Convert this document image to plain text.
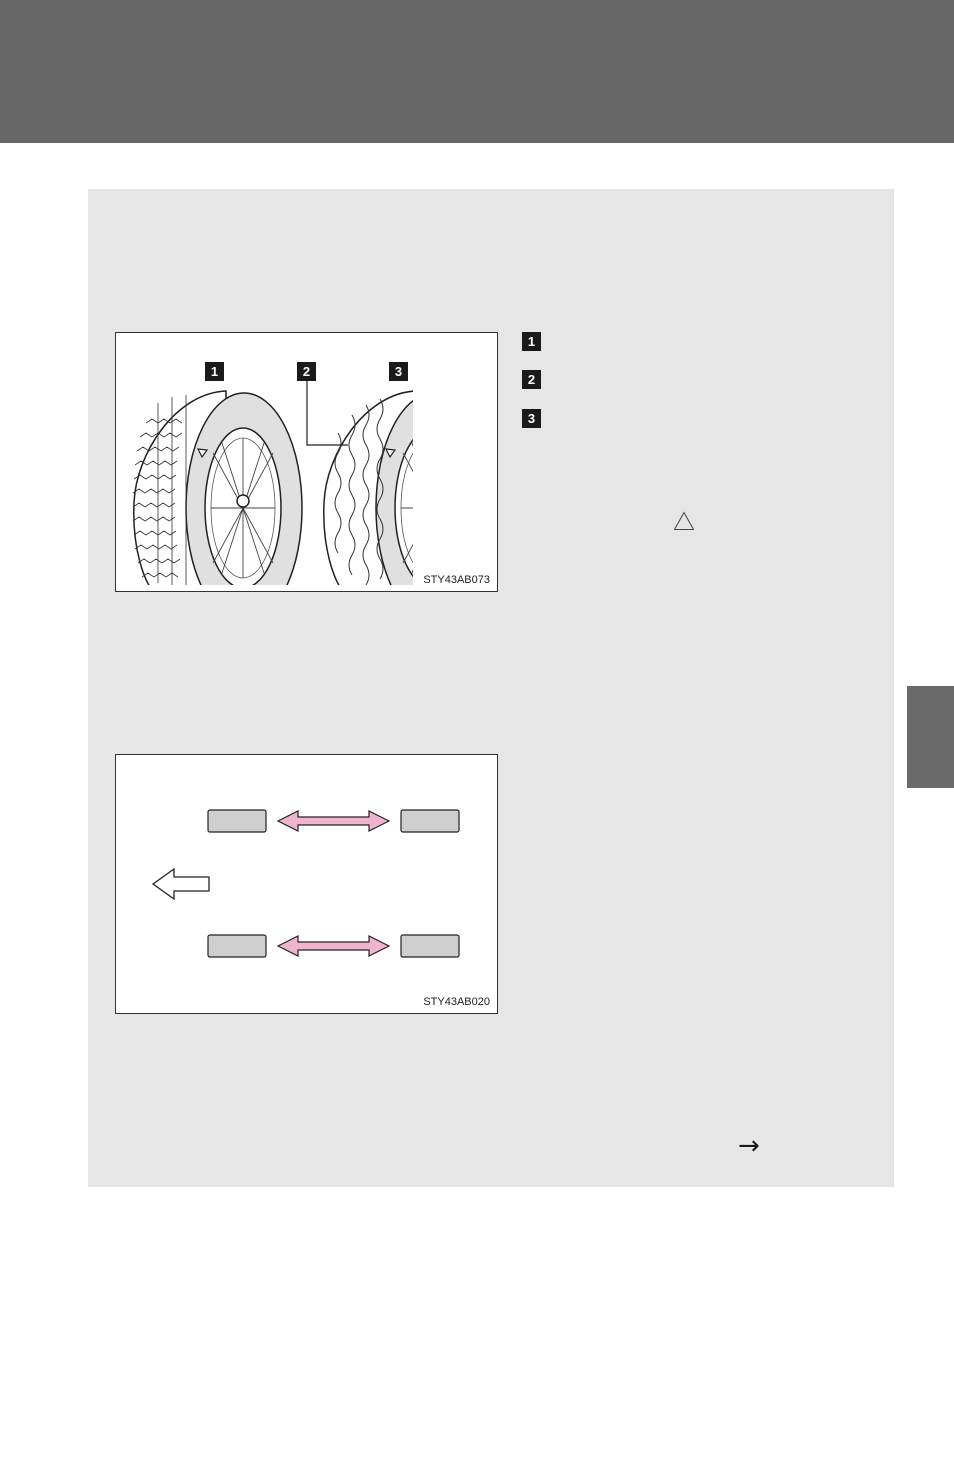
1	2	3
STY43AB073
1
2
3
STY43AB020
→
